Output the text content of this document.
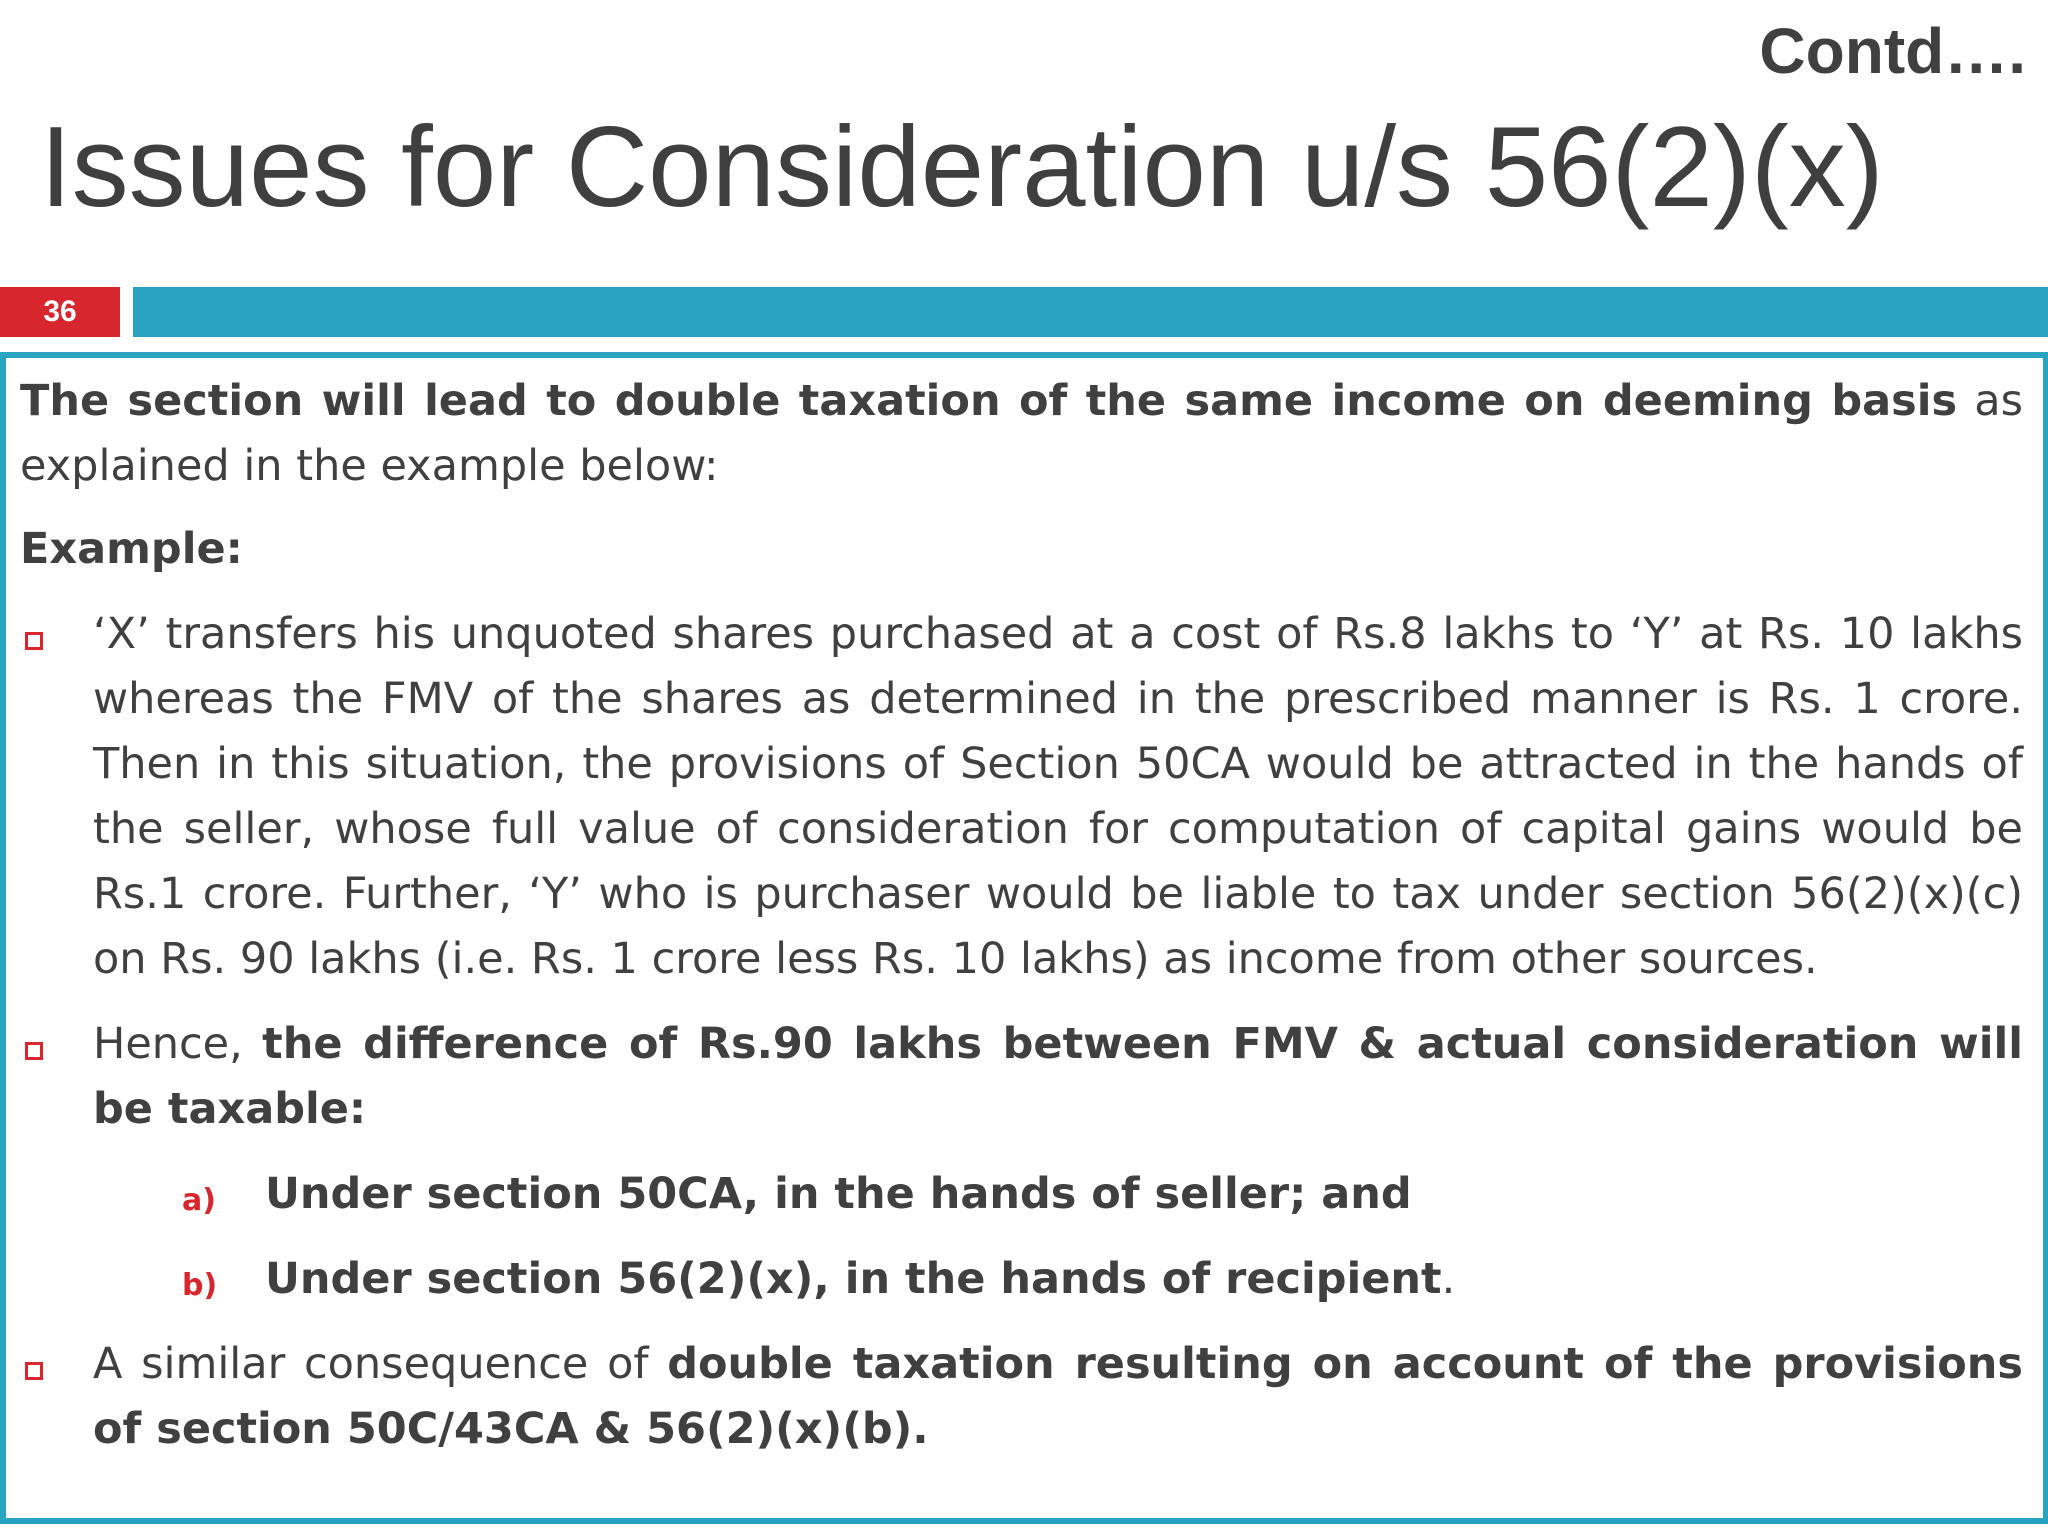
Contd….
Issues for Consideration u/s 56(2)(x)
36

The section will lead to double taxation of the same income on deeming basis as explained in the example below:

Example:

‘X’ transfers his unquoted shares purchased at a cost of Rs.8 lakhs to ‘Y’ at Rs. 10 lakhs whereas the FMV of the shares as determined in the prescribed manner is Rs. 1 crore. Then in this situation, the provisions of Section 50CA would be attracted in the hands of the seller, whose full value of consideration for computation of capital gains would be Rs.1 crore. Further, ‘Y’ who is purchaser would be liable to tax under section 56(2)(x)(c) on Rs. 90 lakhs (i.e. Rs. 1 crore less Rs. 10 lakhs) as income from other sources.

Hence, the difference of Rs.90 lakhs between FMV & actual consideration will be taxable:

a) Under section 50CA, in the hands of seller; and

b) Under section 56(2)(x), in the hands of recipient.

A similar consequence of double taxation resulting on account of the provisions of section 50C/43CA & 56(2)(x)(b).
